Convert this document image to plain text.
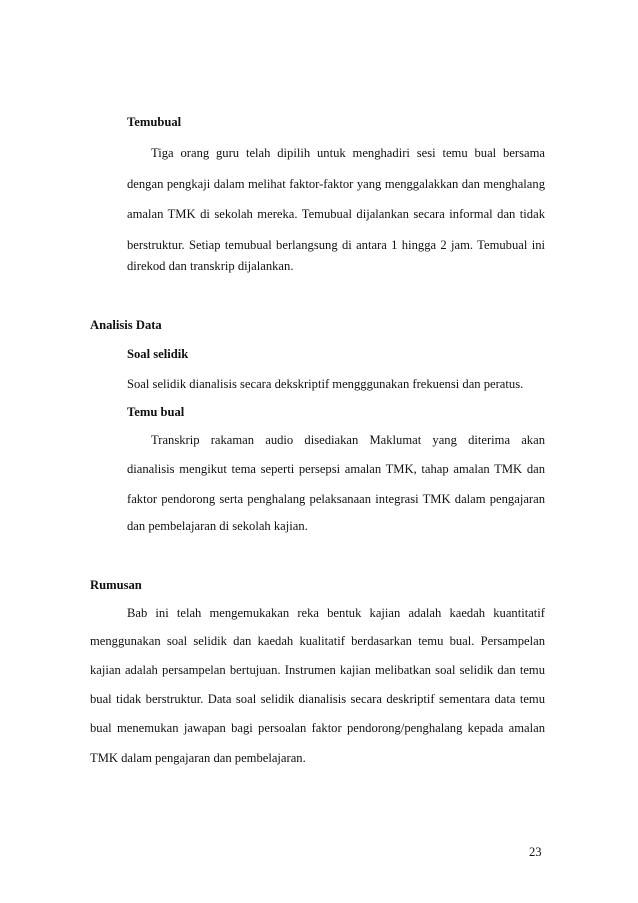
Temubual
Tiga orang guru telah dipilih untuk menghadiri sesi temu bual bersama
dengan pengkaji dalam melihat faktor-faktor yang menggalakkan dan menghalang
amalan TMK di sekolah mereka. Temubual dijalankan secara informal dan tidak
berstruktur. Setiap temubual berlangsung di antara 1 hingga 2 jam. Temubual ini
direkod dan transkrip dijalankan.
Analisis Data
Soal selidik
Soal selidik dianalisis secara dekskriptif mengggunakan frekuensi dan peratus.
Temu bual
Transkrip rakaman audio disediakan Maklumat yang diterima akan
dianalisis mengikut tema seperti persepsi amalan TMK, tahap amalan TMK dan
faktor pendorong serta penghalang pelaksanaan integrasi TMK dalam pengajaran
dan pembelajaran di sekolah kajian.
Rumusan
Bab ini telah mengemukakan reka bentuk kajian adalah kaedah kuantitatif
menggunakan soal selidik dan kaedah kualitatif berdasarkan temu bual. Persampelan
kajian adalah persampelan bertujuan. Instrumen kajian melibatkan soal selidik dan temu
bual tidak berstruktur. Data soal selidik dianalisis secara deskriptif sementara data temu
bual menemukan jawapan bagi persoalan faktor pendorong/penghalang kepada amalan
TMK dalam pengajaran dan pembelajaran.
23
